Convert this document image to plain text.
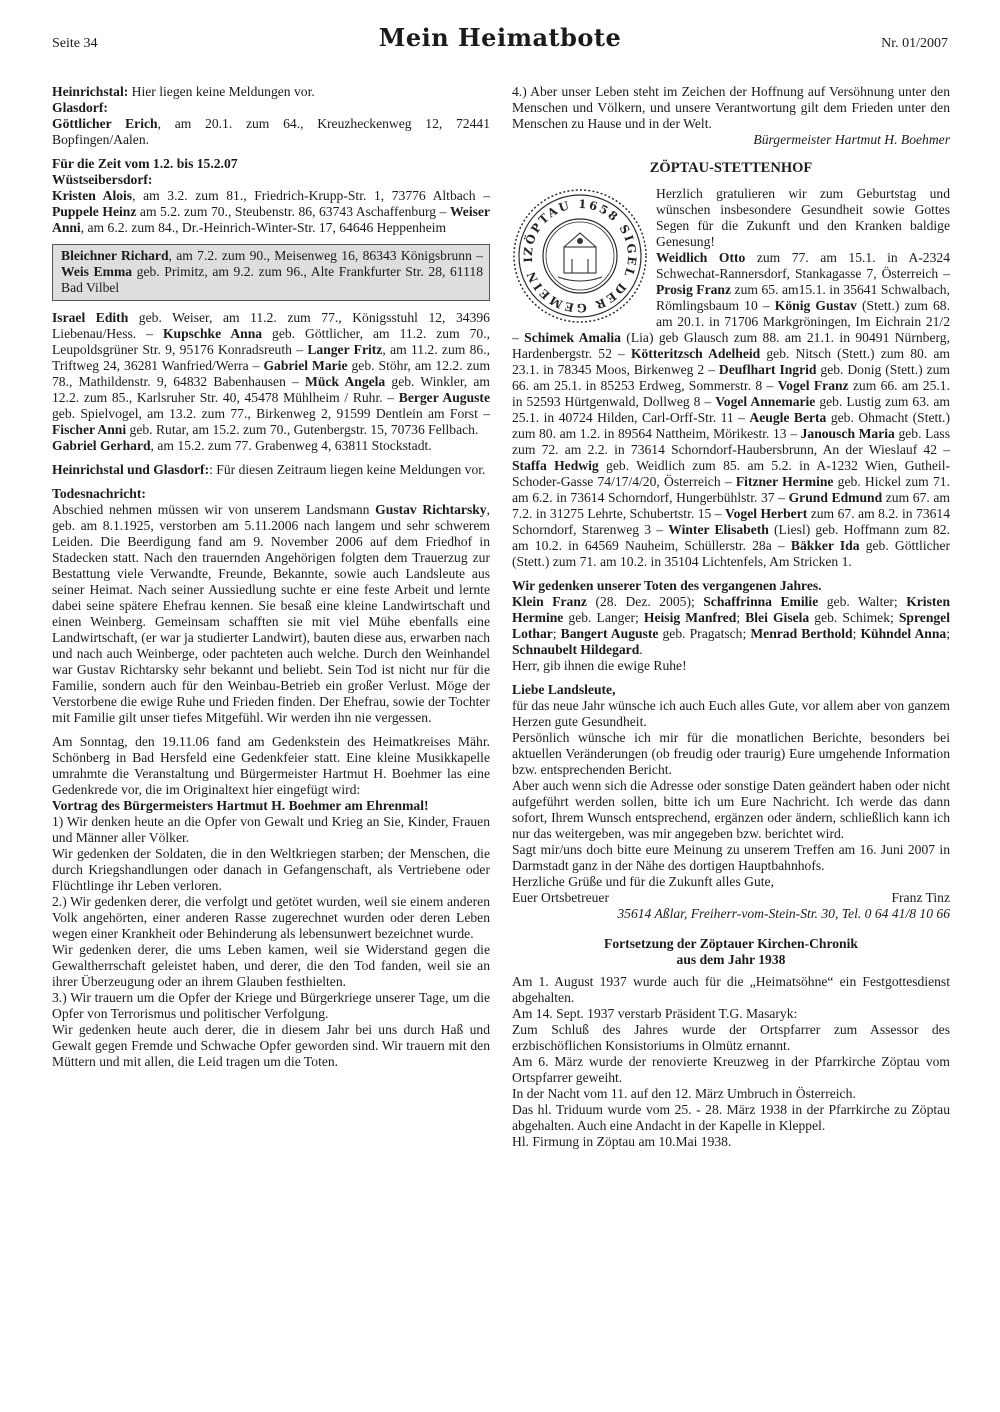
Seite 34	Mein Heimatbote	Nr. 01/2007

Heinrichstal: Hier liegen keine Meldungen vor.

Glasdorf:

Göttlicher Erich, am 20.1. zum 64., Kreuzheckenweg 12, 72441 Bopfingen/Aalen.

Für die Zeit vom 1.2. bis 15.2.07

Wüstseibersdorf:

Kristen Alois, am 3.2. zum 81., Friedrich-Krupp-Str. 1, 73776 Altbach – Puppele Heinz am 5.2. zum 70., Steubenstr. 86, 63743 Aschaffenburg – Weiser Anni, am 6.2. zum 84., Dr.-Heinrich-Winter-Str. 17, 64646 Heppenheim

Bleichner Richard, am 7.2. zum 90., Meisenweg 16, 86343 Königsbrunn – Weis Emma geb. Primitz, am 9.2. zum 96., Alte Frankfurter Str. 28, 61118 Bad Vilbel

Israel Edith geb. Weiser, am 11.2. zum 77., Königsstuhl 12, 34396 Liebenau/Hess. – Kupschke Anna geb. Göttlicher, am 11.2. zum 70., Leupoldsgrüner Str. 9, 95176 Konradsreuth – Langer Fritz, am 11.2. zum 86., Triftweg 24, 36281 Wanfried/Werra – Gabriel Marie geb. Stöhr, am 12.2. zum 78., Mathildenstr. 9, 64832 Babenhausen – Mück Angela geb. Winkler, am 12.2. zum 85., Karlsruher Str. 40, 45478 Mühlheim / Ruhr. – Berger Auguste geb. Spielvogel, am 13.2. zum 77., Birkenweg 2, 91599 Dentlein am Forst – Fischer Anni geb. Rutar, am 15.2. zum 70., Gutenbergstr. 15, 70736 Fellbach.

Gabriel Gerhard, am 15.2. zum 77. Grabenweg 4, 63811 Stockstadt.

Heinrichstal und Glasdorf:: Für diesen Zeitraum liegen keine Meldungen vor.

Todesnachricht:

Abschied nehmen müssen wir von unserem Landsmann Gustav Richtarsky, geb. am 8.1.1925, verstorben am 5.11.2006 nach langem und sehr schwerem Leiden. Die Beerdigung fand am 9. November 2006 auf dem Friedhof in Stadecken statt. Nach den trauernden Angehörigen folgten dem Trauerzug zur Bestattung viele Verwandte, Freunde, Bekannte, sowie auch Landsleute aus seiner Heimat. Nach seiner Aussiedlung suchte er eine feste Arbeit und lernte dabei seine spätere Ehefrau kennen. Sie besaß eine kleine Landwirtschaft und einen Weinberg. Gemeinsam schafften sie mit viel Mühe ebenfalls eine Landwirtschaft, (er war ja studierter Landwirt), bauten diese aus, erwarben nach und nach auch Weinberge, oder pachteten auch welche. Durch den Weinhandel war Gustav Richtarsky sehr bekannt und beliebt. Sein Tod ist nicht nur für die Familie, sondern auch für den Weinbau-Betrieb ein großer Verlust. Möge der Verstorbene die ewige Ruhe und Frieden finden. Der Ehefrau, sowie der Tochter mit Familie gilt unser tiefes Mitgefühl. Wir werden ihn nie vergessen.

Am Sonntag, den 19.11.06 fand am Gedenkstein des Heimatkreises Mähr. Schönberg in Bad Hersfeld eine Gedenkfeier statt. Eine kleine Musikkapelle umrahmte die Veranstaltung und Bürgermeister Hartmut H. Boehmer las eine Gedenkrede vor, die im Originaltext hier eingefügt wird:

Vortrag des Bürgermeisters Hartmut H. Boehmer am Ehrenmal!

1) Wir denken heute an die Opfer von Gewalt und Krieg an Sie, Kinder, Frauen und Männer aller Völker.

Wir gedenken der Soldaten, die in den Weltkriegen starben; der Menschen, die durch Kriegshandlungen oder danach in Gefangenschaft, als Vertriebene oder Flüchtlinge ihr Leben verloren.

2.) Wir gedenken derer, die verfolgt und getötet wurden, weil sie einem anderen Volk angehörten, einer anderen Rasse zugerechnet wurden oder deren Leben wegen einer Krankheit oder Behinderung als lebensunwert bezeichnet wurde.

Wir gedenken derer, die ums Leben kamen, weil sie Widerstand gegen die Gewaltherrschaft geleistet haben, und derer, die den Tod fanden, weil sie an ihrer Überzeugung oder an ihrem Glauben festhielten.

3.) Wir trauern um die Opfer der Kriege und Bürgerkriege unserer Tage, um die Opfer von Terrorismus und politischer Verfolgung.

Wir gedenken heute auch derer, die in diesem Jahr bei uns durch Haß und Gewalt gegen Fremde und Schwache Opfer geworden sind. Wir trauern mit den Müttern und mit allen, die Leid tragen um die Toten.

4.) Aber unser Leben steht im Zeichen der Hoffnung auf Versöhnung unter den Menschen und Völkern, und unsere Verantwortung gilt dem Frieden unter den Menschen zu Hause und in der Welt.

Bürgermeister Hartmut H. Boehmer

ZÖPTAU-STETTENHOF
ZÖPTAU 1658 SIGEL DER GEMEIN I

Herzlich gratulieren wir zum Geburtstag und wünschen insbesondere Gesundheit sowie Gottes Segen für die Zukunft und den Kranken baldige Genesung!

Weidlich Otto zum 77. am 15.1. in A-2324 Schwechat-Rannersdorf, Stankagasse 7, Österreich – Prosig Franz zum 65. am15.1. in 35641 Schwalbach, Römlingsbaum 10 – König Gustav (Stett.) zum 68. am 20.1. in 71706 Markgröningen, Im Eichrain 21/2 – Schimek Amalia (Lia) geb Glausch zum 88. am 21.1. in 90491 Nürnberg, Hardenbergstr. 52 – Kötteritzsch Adelheid geb. Nitsch (Stett.) zum 80. am 23.1. in 78345 Moos, Birkenweg 2 – Deuflhart Ingrid geb. Donig (Stett.) zum 66. am 25.1. in 85253 Erdweg, Sommerstr. 8 – Vogel Franz zum 66. am 25.1. in 52593 Hürtgenwald, Dollweg 8 – Vogel Annemarie geb. Lustig zum 63. am 25.1. in 40724 Hilden, Carl-Orff-Str. 11 – Aeugle Berta geb. Ohmacht (Stett.) zum 80. am 1.2. in 89564 Nattheim, Mörikestr. 13 – Janousch Maria geb. Lass zum 72. am 2.2. in 73614 Schorndorf-Haubersbrunn, An der Wieslauf 42 – Staffa Hedwig geb. Weidlich zum 85. am 5.2. in A-1232 Wien, Gutheil-Schoder-Gasse 74/17/4/20, Österreich – Fitzner Hermine geb. Hickel zum 71. am 6.2. in 73614 Schorndorf, Hungerbühlstr. 37 – Grund Edmund zum 67. am 7.2. in 31275 Lehrte, Schubertstr. 15 – Vogel Herbert zum 67. am 8.2. in 73614 Schorndorf, Starenweg 3 – Winter Elisabeth (Liesl) geb. Hoffmann zum 82. am 10.2. in 64569 Nauheim, Schüllerstr. 28a – Bäkker Ida geb. Göttlicher (Stett.) zum 71. am 10.2. in 35104 Lichtenfels, Am Stricken 1.

Wir gedenken unserer Toten des vergangenen Jahres.

Klein Franz (28. Dez. 2005); Schaffrinna Emilie geb. Walter; Kristen Hermine geb. Langer; Heisig Manfred; Blei Gisela geb. Schimek; Sprengel Lothar; Bangert Auguste geb. Pragatsch; Menrad Berthold; Kühndel Anna; Schnaubelt Hildegard.

Herr, gib ihnen die ewige Ruhe!

Liebe Landsleute,

für das neue Jahr wünsche ich auch Euch alles Gute, vor allem aber von ganzem Herzen gute Gesundheit.

Persönlich wünsche ich mir für die monatlichen Berichte, besonders bei aktuellen Veränderungen (ob freudig oder traurig) Eure umgehende Information bzw. entsprechenden Bericht.

Aber auch wenn sich die Adresse oder sonstige Daten geändert haben oder nicht aufgeführt werden sollen, bitte ich um Eure Nachricht. Ich werde das dann sofort, Ihrem Wunsch entsprechend, ergänzen oder ändern, schließlich kann ich nur das weitergeben, was mir angegeben bzw. berichtet wird.

Sagt mir/uns doch bitte eure Meinung zu unserem Treffen am 16. Juni 2007 in Darmstadt ganz in der Nähe des dortigen Hauptbahnhofs.

Herzliche Grüße und für die Zukunft alles Gute,

Euer Ortsbetreuer	Franz Tinz

35614 Aßlar, Freiherr-vom-Stein-Str. 30, Tel. 0 64 41/8 10 66

Fortsetzung der Zöptauer Kirchen-Chronik

aus dem Jahr 1938

Am 1. August 1937 wurde auch für die „Heimatsöhne“ ein Festgottesdienst abgehalten.

Am 14. Sept. 1937 verstarb Präsident T.G. Masaryk:

Zum Schluß des Jahres wurde der Ortspfarrer zum Assessor des erzbischöflichen Konsistoriums in Olmütz ernannt.

Am 6. März wurde der renovierte Kreuzweg in der Pfarrkirche Zöptau vom Ortspfarrer geweiht.

In der Nacht vom 11. auf den 12. März Umbruch in Österreich.

Das hl. Triduum wurde vom 25. - 28. März 1938 in der Pfarrkirche zu Zöptau abgehalten. Auch eine Andacht in der Kapelle in Kleppel.

Hl. Firmung in Zöptau am 10.Mai 1938.
